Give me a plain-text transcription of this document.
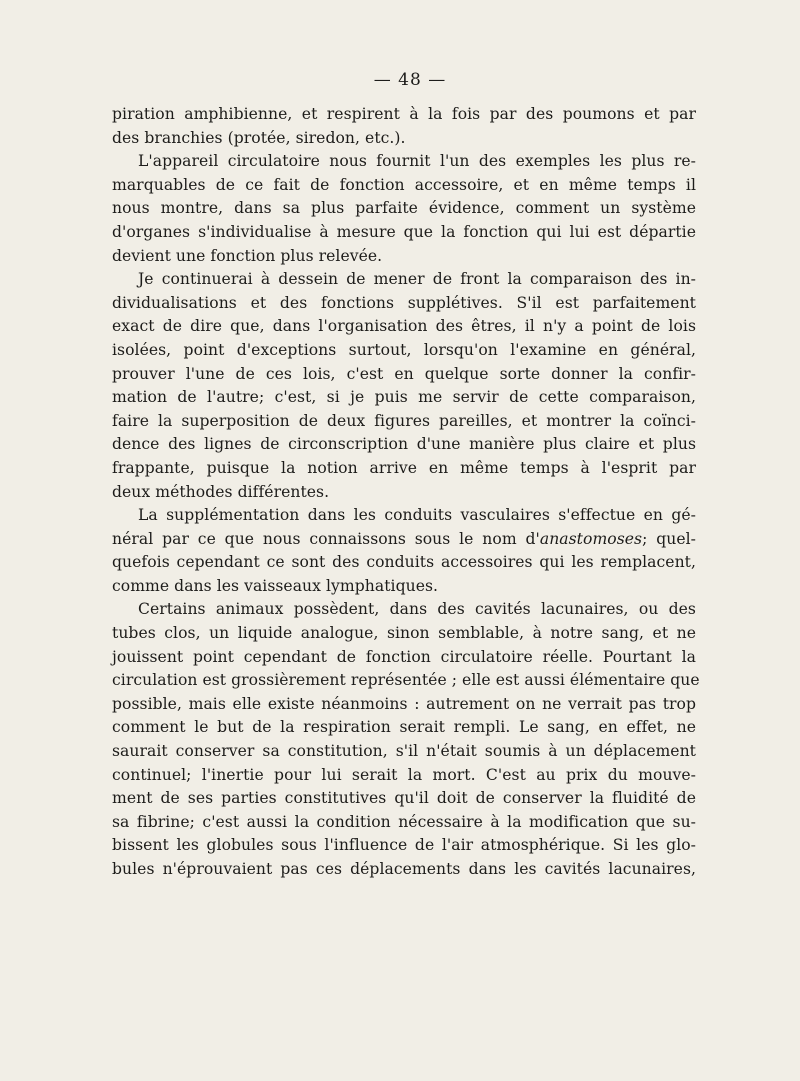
— 48 —
piration amphibienne, et respirent à la fois par des poumons et par
des branchies (protée, siredon, etc.).
L'appareil circulatoire nous fournit l'un des exemples les plus re-
marquables de ce fait de fonction accessoire, et en même temps il
nous montre, dans sa plus parfaite évidence, comment un système
d'organes s'individualise à mesure que la fonction qui lui est départie
devient une fonction plus relevée.
Je continuerai à dessein de mener de front la comparaison des in-
dividualisations et des fonctions supplétives. S'il est parfaitement
exact de dire que, dans l'organisation des êtres, il n'y a point de lois
isolées, point d'exceptions surtout, lorsqu'on l'examine en général,
prouver l'une de ces lois, c'est en quelque sorte donner la confir-
mation de l'autre; c'est, si je puis me servir de cette comparaison,
faire la superposition de deux figures pareilles, et montrer la coïnci-
dence des lignes de circonscription d'une manière plus claire et plus
frappante, puisque la notion arrive en même temps à l'esprit par
deux méthodes différentes.
La supplémentation dans les conduits vasculaires s'effectue en gé-
néral par ce que nous connaissons sous le nom d'anastomoses; quel-
quefois cependant ce sont des conduits accessoires qui les remplacent,
comme dans les vaisseaux lymphatiques.
Certains animaux possèdent, dans des cavités lacunaires, ou des
tubes clos, un liquide analogue, sinon semblable, à notre sang, et ne
jouissent point cependant de fonction circulatoire réelle. Pourtant la
circulation est grossièrement représentée ; elle est aussi élémentaire que
possible, mais elle existe néanmoins : autrement on ne verrait pas trop
comment le but de la respiration serait rempli. Le sang, en effet, ne
saurait conserver sa constitution, s'il n'était soumis à un déplacement
continuel; l'inertie pour lui serait la mort. C'est au prix du mouve-
ment de ses parties constitutives qu'il doit de conserver la fluidité de
sa fibrine; c'est aussi la condition nécessaire à la modification que su-
bissent les globules sous l'influence de l'air atmosphérique. Si les glo-
bules n'éprouvaient pas ces déplacements dans les cavités lacunaires,
